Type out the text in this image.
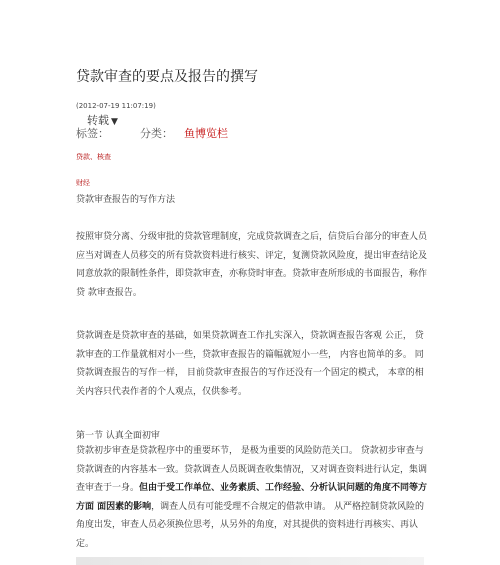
贷款审查的要点及报告的撰写
(2012-07-19 11:07:19)
转载 ▼
标签：	分类： 鱼博览栏
贷款、核查
财经
贷款审查报告的写作方法
按照审贷分离、分级审批的贷款管理制度，完成贷款调查之后，信贷后台部分的审查人员
应当对调查人员移交的所有贷款资料进行核实、评定，复测贷款风险度，提出审查结论及
同意放款的限制性条件，即贷款审查，亦称贷时审查。贷款审查所形成的书面报告，称作
贷 款审查报告。
贷款调查是贷款审查的基础，如果贷款调查工作扎实深入，贷款调查报告客观 公正， 贷
款审查的工作量就相对小一些，贷款审查报告的篇幅就短小一些， 内容也简单的多。 同
贷款调查报告的写作一样， 目前贷款审查报告的写作还没有一个固定的模式， 本章的相
关内容只代表作者的个人观点，仅供参考。
第一节 认真全面初审
贷款初步审查是贷款程序中的重要环节， 是极为重要的风险防范关口。 贷款初步审查与
贷款调查的内容基本一致。贷款调查人员既调查收集情况，又对调查资料进行认定，集调
查审查于一身。但由于受工作单位、业务素质、工作经验、分析认识问题的角度不同等方
方面 面因素的影响，调查人员有可能受理不合规定的借款申请。 从严格控制贷款风险的
角度出发，审查人员必须换位思考，从另外的角度，对其提供的资料进行再核实、再认
定。
